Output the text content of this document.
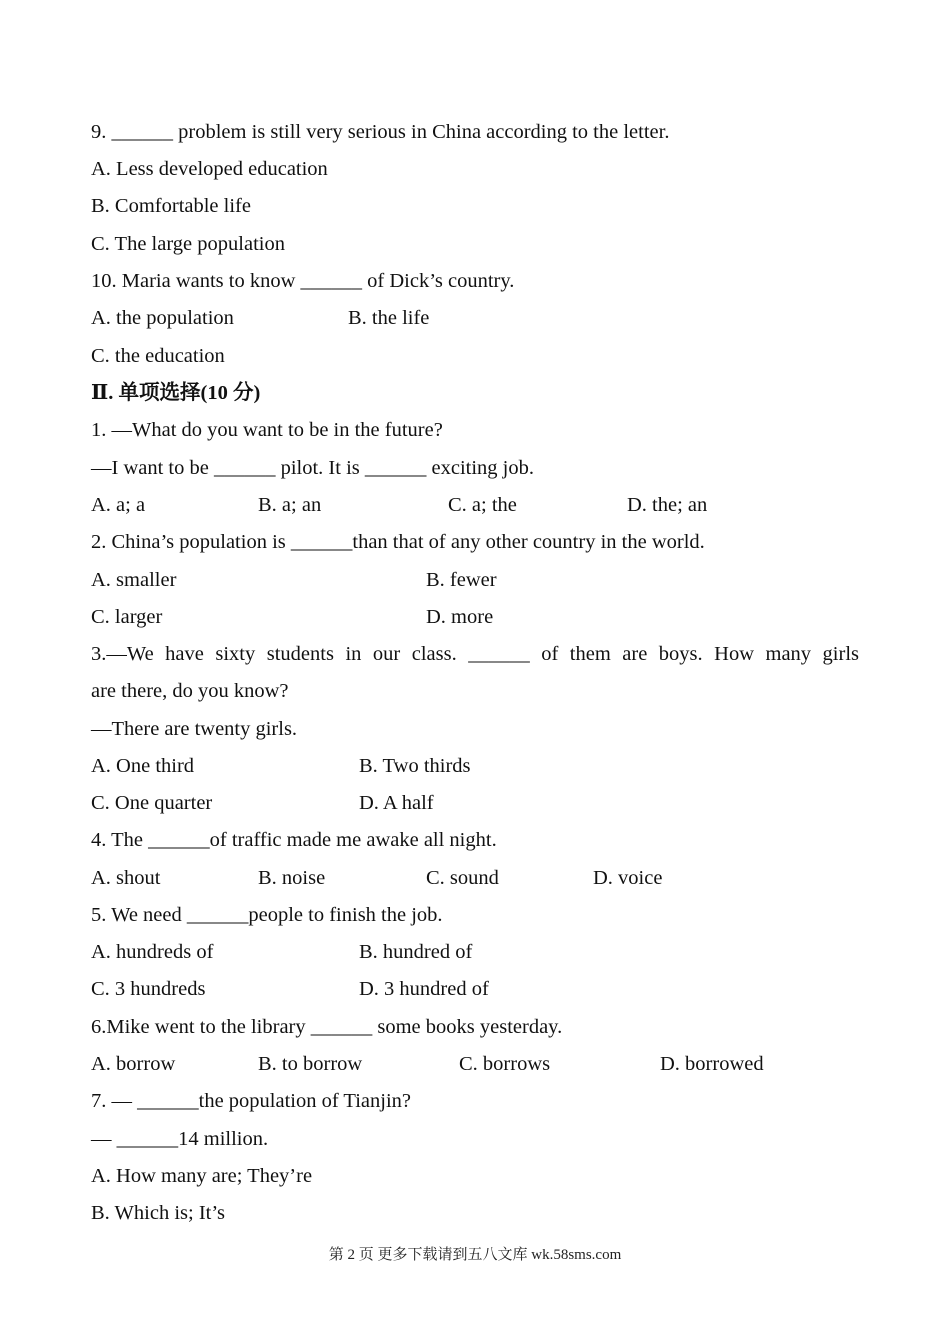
9. ______ problem is still very serious in China according to the letter.
A. Less developed education
B. Comfortable life
C. The large population
10. Maria wants to know ______ of Dick’s country.
A. the population	B. the life
C. the education
Ⅱ. 单项选择(10 分)
1. —What do you want to be in the future?
—I want to be ______ pilot. It is ______ exciting job.
A. a; a	B. a; an	C. a; the	D. the; an
2. China’s population is ______than that of any other country in the world.
A. smaller	B. fewer
C. larger	D. more
3.—We have sixty students in our class. ______ of them are boys. How many girls
are there, do you know?
—There are twenty girls.
A. One third	B. Two thirds
C. One quarter	D. A half
4. The ______of traffic made me awake all night.
A. shout	B. noise	C. sound	D. voice
5. We need ______people to finish the job.
A. hundreds of	B. hundred of
C. 3 hundreds	D. 3 hundred of
6.Mike went to the library ______ some books yesterday.
A. borrow	B. to borrow	C. borrows	D. borrowed
7. — ______the population of Tianjin?
— ______14 million.
A. How many are; They’re
B. Which is; It’s
第 2 页 更多下载请到五八文库 wk.58sms.com
